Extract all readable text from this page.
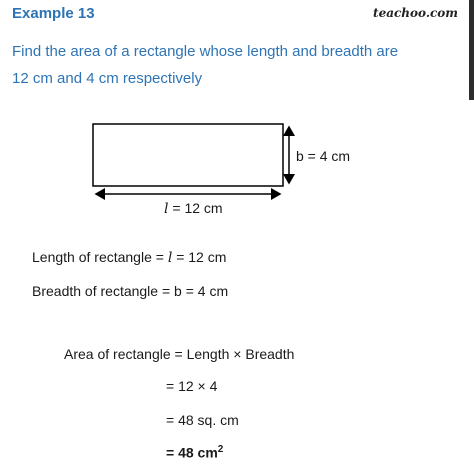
Example 13	teachoo.com
Find the area of a rectangle whose length and breadth are
12 cm and 4 cm respectively
b = 4 cm
l = 12 cm
Length of rectangle = l = 12 cm
Breadth of rectangle = b = 4 cm
Area of rectangle = Length × Breadth
= 12 × 4
= 48 sq. cm
= 48 $cm^2$
